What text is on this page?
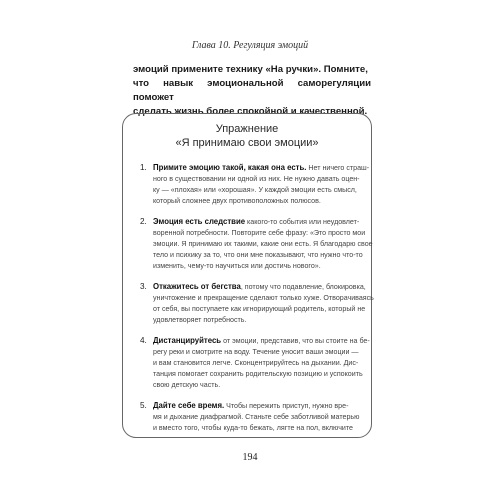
Глава 10. Регуляция эмоций
эмоций примените технику «На ручки». Помните,
что навык эмоциональной саморегуляции поможет
сделать жизнь более спокойной и качественной.
Упражнение
«Я принимаю свои эмоции»
1. Примите эмоцию такой, какая она есть. Нет ничего страш-
ного в существовании ни одной из них. Не нужно давать оцен-
ку — «плохая» или «хорошая». У каждой эмоции есть смысл,
который сложнее двух противоположных полюсов.
2. Эмоция есть следствие какого-то события или неудовлет-
воренной потребности. Повторите себе фразу: «Это просто мои
эмоции. Я принимаю их такими, какие они есть. Я благодарю свое
тело и психику за то, что они мне показывают, что нужно что-то
изменить, чему-то научиться или достичь нового».
3. Откажитесь от бегства, потому что подавление, блокировка,
уничтожение и прекращение сделают только хуже. Отворачиваясь
от себя, вы поступаете как игнорирующий родитель, который не
удовлетворяет потребность.
4. Дистанцируйтесь от эмоции, представив, что вы стоите на бе-
регу реки и смотрите на воду. Течение уносит ваши эмоции —
и вам становится легче. Сконцентрируйтесь на дыхании. Дис-
танция помогает сохранить родительскую позицию и успокоить
свою детскую часть.
5. Дайте себе время. Чтобы пережить приступ, нужно вре-
мя и дыхание диафрагмой. Станьте себе заботливой матерью
и вместо того, чтобы куда-то бежать, лягте на пол, включите
194
